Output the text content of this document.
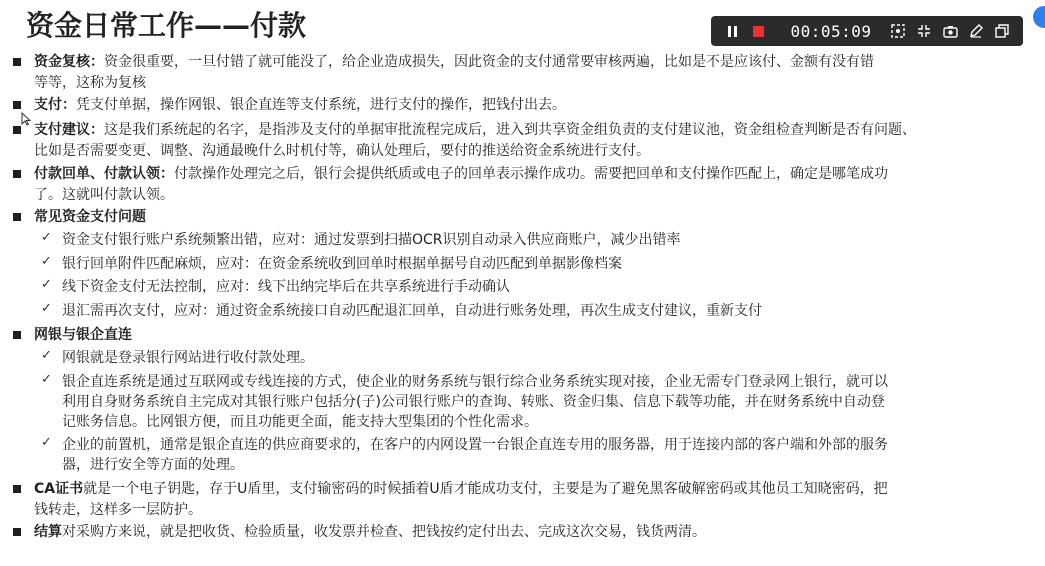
资金日常工作——付款	00:05:09
资金复核：资金很重要，一旦付错了就可能没了，给企业造成损失，因此资金的支付通常要审核两遍，比如是不是应该付、金额有没有错
等等，这称为复核
支付：凭支付单据，操作网银、银企直连等支付系统，进行支付的操作，把钱付出去。
支付建议：这是我们系统起的名字，是指涉及支付的单据审批流程完成后，进入到共享资金组负责的支付建议池，资金组检查判断是否有问题、
比如是否需要变更、调整、沟通最晚什么时机付等，确认处理后，要付的推送给资金系统进行支付。
付款回单、付款认领：付款操作处理完之后，银行会提供纸质或电子的回单表示操作成功。需要把回单和支付操作匹配上，确定是哪笔成功
了。这就叫付款认领。
常见资金支付问题
✓ 资金支付银行账户系统频繁出错，应对：通过发票到扫描OCR识别自动录入供应商账户，减少出错率
✓ 银行回单附件匹配麻烦，应对：在资金系统收到回单时根据单据号自动匹配到单据影像档案
✓ 线下资金支付无法控制，应对：线下出纳完毕后在共享系统进行手动确认
✓ 退汇需再次支付，应对：通过资金系统接口自动匹配退汇回单，自动进行账务处理，再次生成支付建议，重新支付
网银与银企直连
✓ 网银就是登录银行网站进行收付款处理。
✓ 银企直连系统是通过互联网或专线连接的方式，使企业的财务系统与银行综合业务系统实现对接，企业无需专门登录网上银行，就可以
利用自身财务系统自主完成对其银行账户包括分(子)公司银行账户的查询、转账、资金归集、信息下载等功能，并在财务系统中自动登
记账务信息。比网银方便，而且功能更全面，能支持大型集团的个性化需求。
✓ 企业的前置机，通常是银企直连的供应商要求的，在客户的内网设置一台银企直连专用的服务器，用于连接内部的客户端和外部的服务
器，进行安全等方面的处理。
CA证书就是一个电子钥匙，存于U盾里，支付输密码的时候插着U盾才能成功支付，主要是为了避免黑客破解密码或其他员工知晓密码，把
钱转走，这样多一层防护。
结算对采购方来说，就是把收货、检验质量，收发票并检查、把钱按约定付出去、完成这次交易，钱货两清。
